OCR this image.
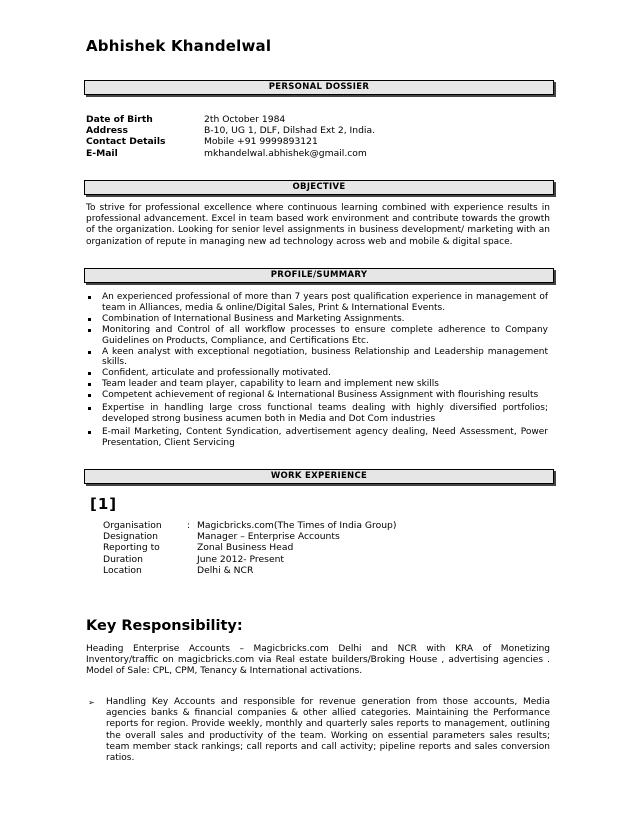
Abhishek Khandelwal
PERSONAL DOSSIER
Date of Birth	2th October 1984
Address	B-10, UG 1, DLF, Dilshad Ext 2, India.
Contact Details	Mobile +91 9999893121
E-Mail	mkhandelwal.abhishek@gmail.com
OBJECTIVE
To strive for professional excellence where continuous learning combined with experience results in professional advancement. Excel in team based work environment and contribute towards the growth of the organization. Looking for senior level assignments in business development/ marketing with an organization of repute in managing new ad technology across web and mobile & digital space.
PROFILE/SUMMARY
An experienced professional of more than 7 years post qualification experience in management of team in Alliances, media & online/Digital Sales, Print & International Events.
Combination of International Business and Marketing Assignments.
Monitoring and Control of all workflow processes to ensure complete adherence to Company Guidelines on Products, Compliance, and Certifications Etc.
A keen analyst with exceptional negotiation, business Relationship and Leadership management skills.
Confident, articulate and professionally motivated.
Team leader and team player, capability to learn and implement new skills
Competent achievement of regional & International Business Assignment with flourishing results
Expertise in handling large cross functional teams dealing with highly diversified portfolios; developed strong business acumen both in Media and Dot Com industries
E-mail Marketing, Content Syndication, advertisement agency dealing, Need Assessment, Power Presentation, Client Servicing
WORK EXPERIENCE
[1]
Organisation	: Magicbricks.com(The Times of India Group)
Designation	Manager – Enterprise Accounts
Reporting to	Zonal Business Head
Duration	June 2012- Present
Location	Delhi & NCR
Key Responsibility:
Heading Enterprise Accounts – Magicbricks.com Delhi and NCR with KRA of Monetizing Inventory/traffic on magicbricks.com via Real estate builders/Broking House , advertising agencies . Model of Sale: CPL, CPM, Tenancy & International activations.
➢ Handling Key Accounts and responsible for revenue generation from those accounts, Media agencies banks & financial companies & other allied categories. Maintaining the Performance reports for region. Provide weekly, monthly and quarterly sales reports to management, outlining the overall sales and productivity of the team. Working on essential parameters sales results; team member stack rankings; call reports and call activity; pipeline reports and sales conversion ratios.
